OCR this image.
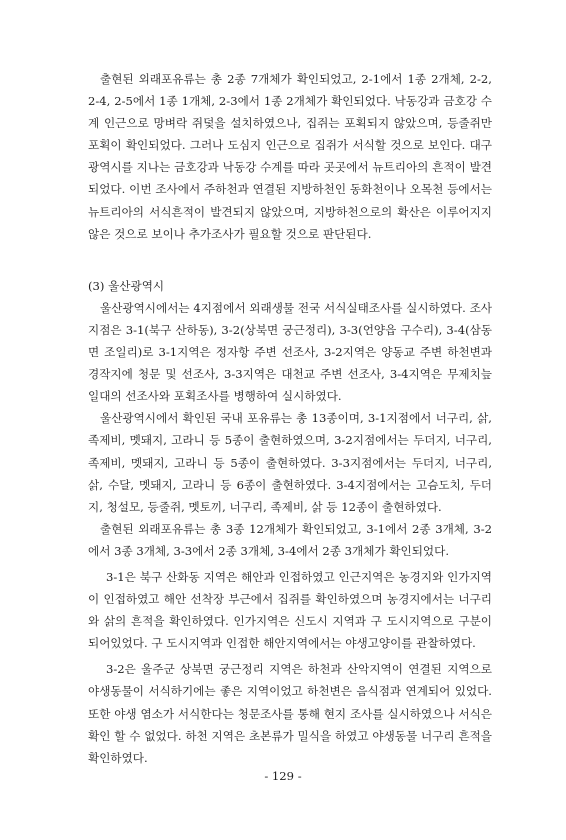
출현된 외래포유류는 총 2종 7개체가 확인되었고, 2-1에서 1종 2개체, 2-2, 2-4, 2-5에서 1종 1개체, 2-3에서 1종 2개체가 확인되었다. 낙동강과 금호강 수계 인근으로 망벼락 쥐덫을 설치하였으나, 집쥐는 포획되지 않았으며, 등줄쥐만 포획이 확인되었다. 그러나 도심지 인근으로 집쥐가 서식할 것으로 보인다. 대구광역시를 지나는 금호강과 낙동강 수계를 따라 곳곳에서 뉴트리아의 흔적이 발견되었다. 이번 조사에서 주하천과 연결된 지방하천인 동화천이나 오목천 등에서는 뉴트리아의 서식흔적이 발견되지 않았으며, 지방하천으로의 확산은 이루어지지 않은 것으로 보이나 추가조사가 필요할 것으로 판단된다.

(3) 울산광역시

울산광역시에서는 4지점에서 외래생물 전국 서식실태조사를 실시하였다. 조사지점은 3-1(북구 산하동), 3-2(상북면 궁근정리), 3-3(언양읍 구수리), 3-4(삼동면 조일리)로 3-1지역은 정자항 주변 선조사, 3-2지역은 양동교 주변 하천변과 경작지에 청문 및 선조사, 3-3지역은 대천교 주변 선조사, 3-4지역은 무제치늪 일대의 선조사와 포획조사를 병행하여 실시하였다.

울산광역시에서 확인된 국내 포유류는 총 13종이며, 3-1지점에서 너구리, 삵, 족제비, 멧돼지, 고라니 등 5종이 출현하였으며, 3-2지점에서는 두더지, 너구리, 족제비, 멧돼지, 고라니 등 5종이 출현하였다. 3-3지점에서는 두더지, 너구리, 삵, 수달, 멧돼지, 고라니 등 6종이 출현하였다. 3-4지점에서는 고슴도치, 두더지, 청설모, 등줄쥐, 멧토끼, 너구리, 족제비, 삵 등 12종이 출현하였다.

출현된 외래포유류는 총 3종 12개체가 확인되었고, 3-1에서 2종 3개체, 3-2에서 3종 3개체, 3-3에서 2종 3개체, 3-4에서 2종 3개체가 확인되었다.

3-1은 북구 산화동 지역은 해안과 인접하였고 인근지역은 농경지와 인가지역이 인접하였고 해안 선착장 부근에서 집쥐를 확인하였으며 농경지에서는 너구리와 삵의 흔적을 확인하였다. 인가지역은 신도시 지역과 구 도시지역으로 구분이 되어있었다. 구 도시지역과 인접한 해안지역에서는 야생고양이를 관찰하였다.

3-2은 울주군 상북면 궁근정리 지역은 하천과 산악지역이 연결된 지역으로 야생동물이 서식하기에는 좋은 지역이었고 하천변은 음식점과 연계되어 있었다. 또한 야생 염소가 서식한다는 청문조사를 통해 현지 조사를 실시하였으나 서식은 확인 할 수 없었다. 하천 지역은 초본류가 밀식을 하였고 야생동물 너구리 흔적을 확인하였다.

- 129 -
